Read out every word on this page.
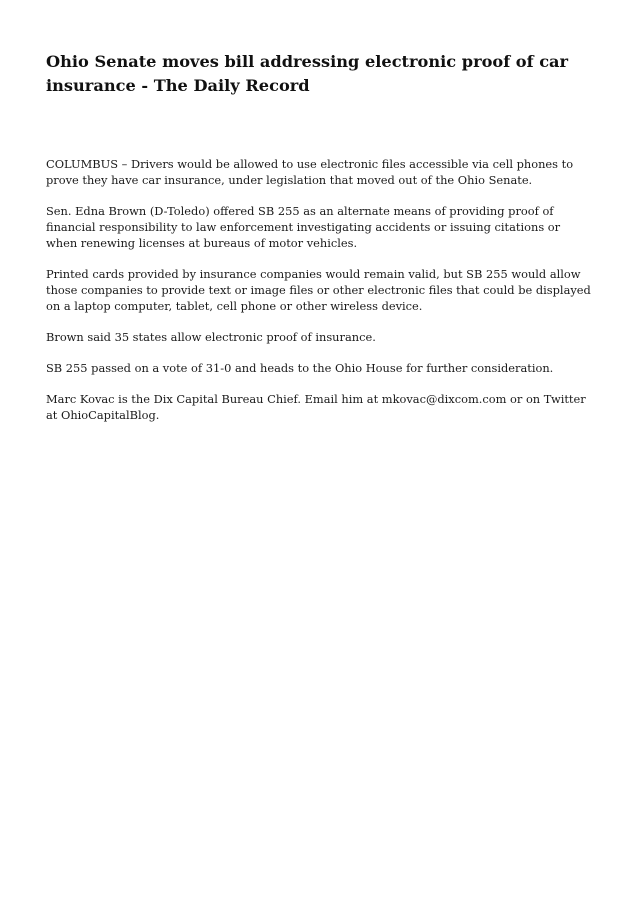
Ohio Senate moves bill addressing electronic proof of car insurance - The Daily Record

COLUMBUS – Drivers would be allowed to use electronic files accessible via cell phones to prove they have car insurance, under legislation that moved out of the Ohio Senate.

Sen. Edna Brown (D-Toledo) offered SB 255 as an alternate means of providing proof of financial responsibility to law enforcement investigating accidents or issuing citations or when renewing licenses at bureaus of motor vehicles.

Printed cards provided by insurance companies would remain valid, but SB 255 would allow those companies to provide text or image files or other electronic files that could be displayed on a laptop computer, tablet, cell phone or other wireless device.

Brown said 35 states allow electronic proof of insurance.

SB 255 passed on a vote of 31-0 and heads to the Ohio House for further consideration.

Marc Kovac is the Dix Capital Bureau Chief. Email him at mkovac@dixcom.com or on Twitter at OhioCapitalBlog.
